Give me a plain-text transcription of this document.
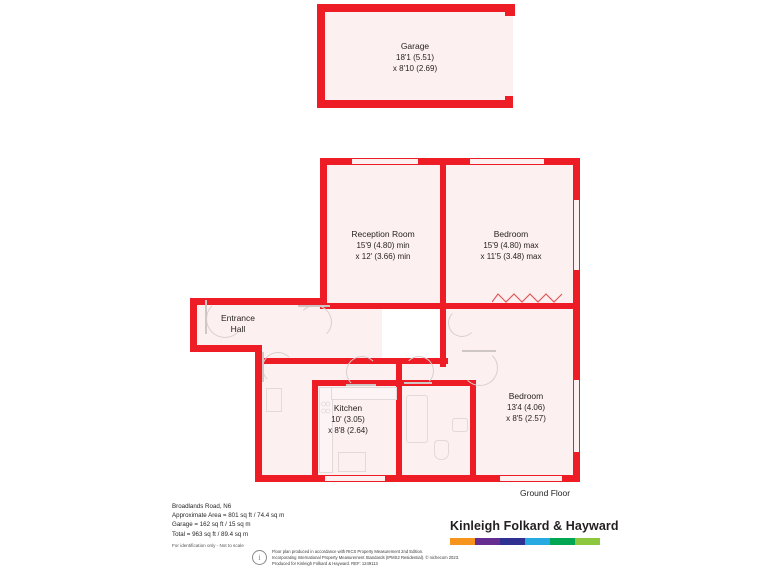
Garage
18'1 (5.51)
x 8'10 (2.69)
Reception Room
15'9 (4.80) min
x 12' (3.66) min
Bedroom
15'9 (4.80) max
x 11'5 (3.48) max
Bedroom
13'4 (4.06)
x 8'5 (2.57)
Kitchen
10' (3.05)
x 8'8 (2.64)
Entrance
Hall
Ground Floor
Broadlands Road, N6
Approximate Area = 801 sq ft / 74.4 sq m
Garage = 162 sq ft / 15 sq m
Total = 963 sq ft / 89.4 sq m
For identification only - Not to scale
Kinleigh Folkard & Hayward
i
Floor plan produced in accordance with RICS Property Measurement 2nd Edition.
Incorporating International Property Measurement Standards (IPMS2 Residential). © nichecom 2023.
Produced for Kinleigh Folkard & Hayward. REF: 1249113
